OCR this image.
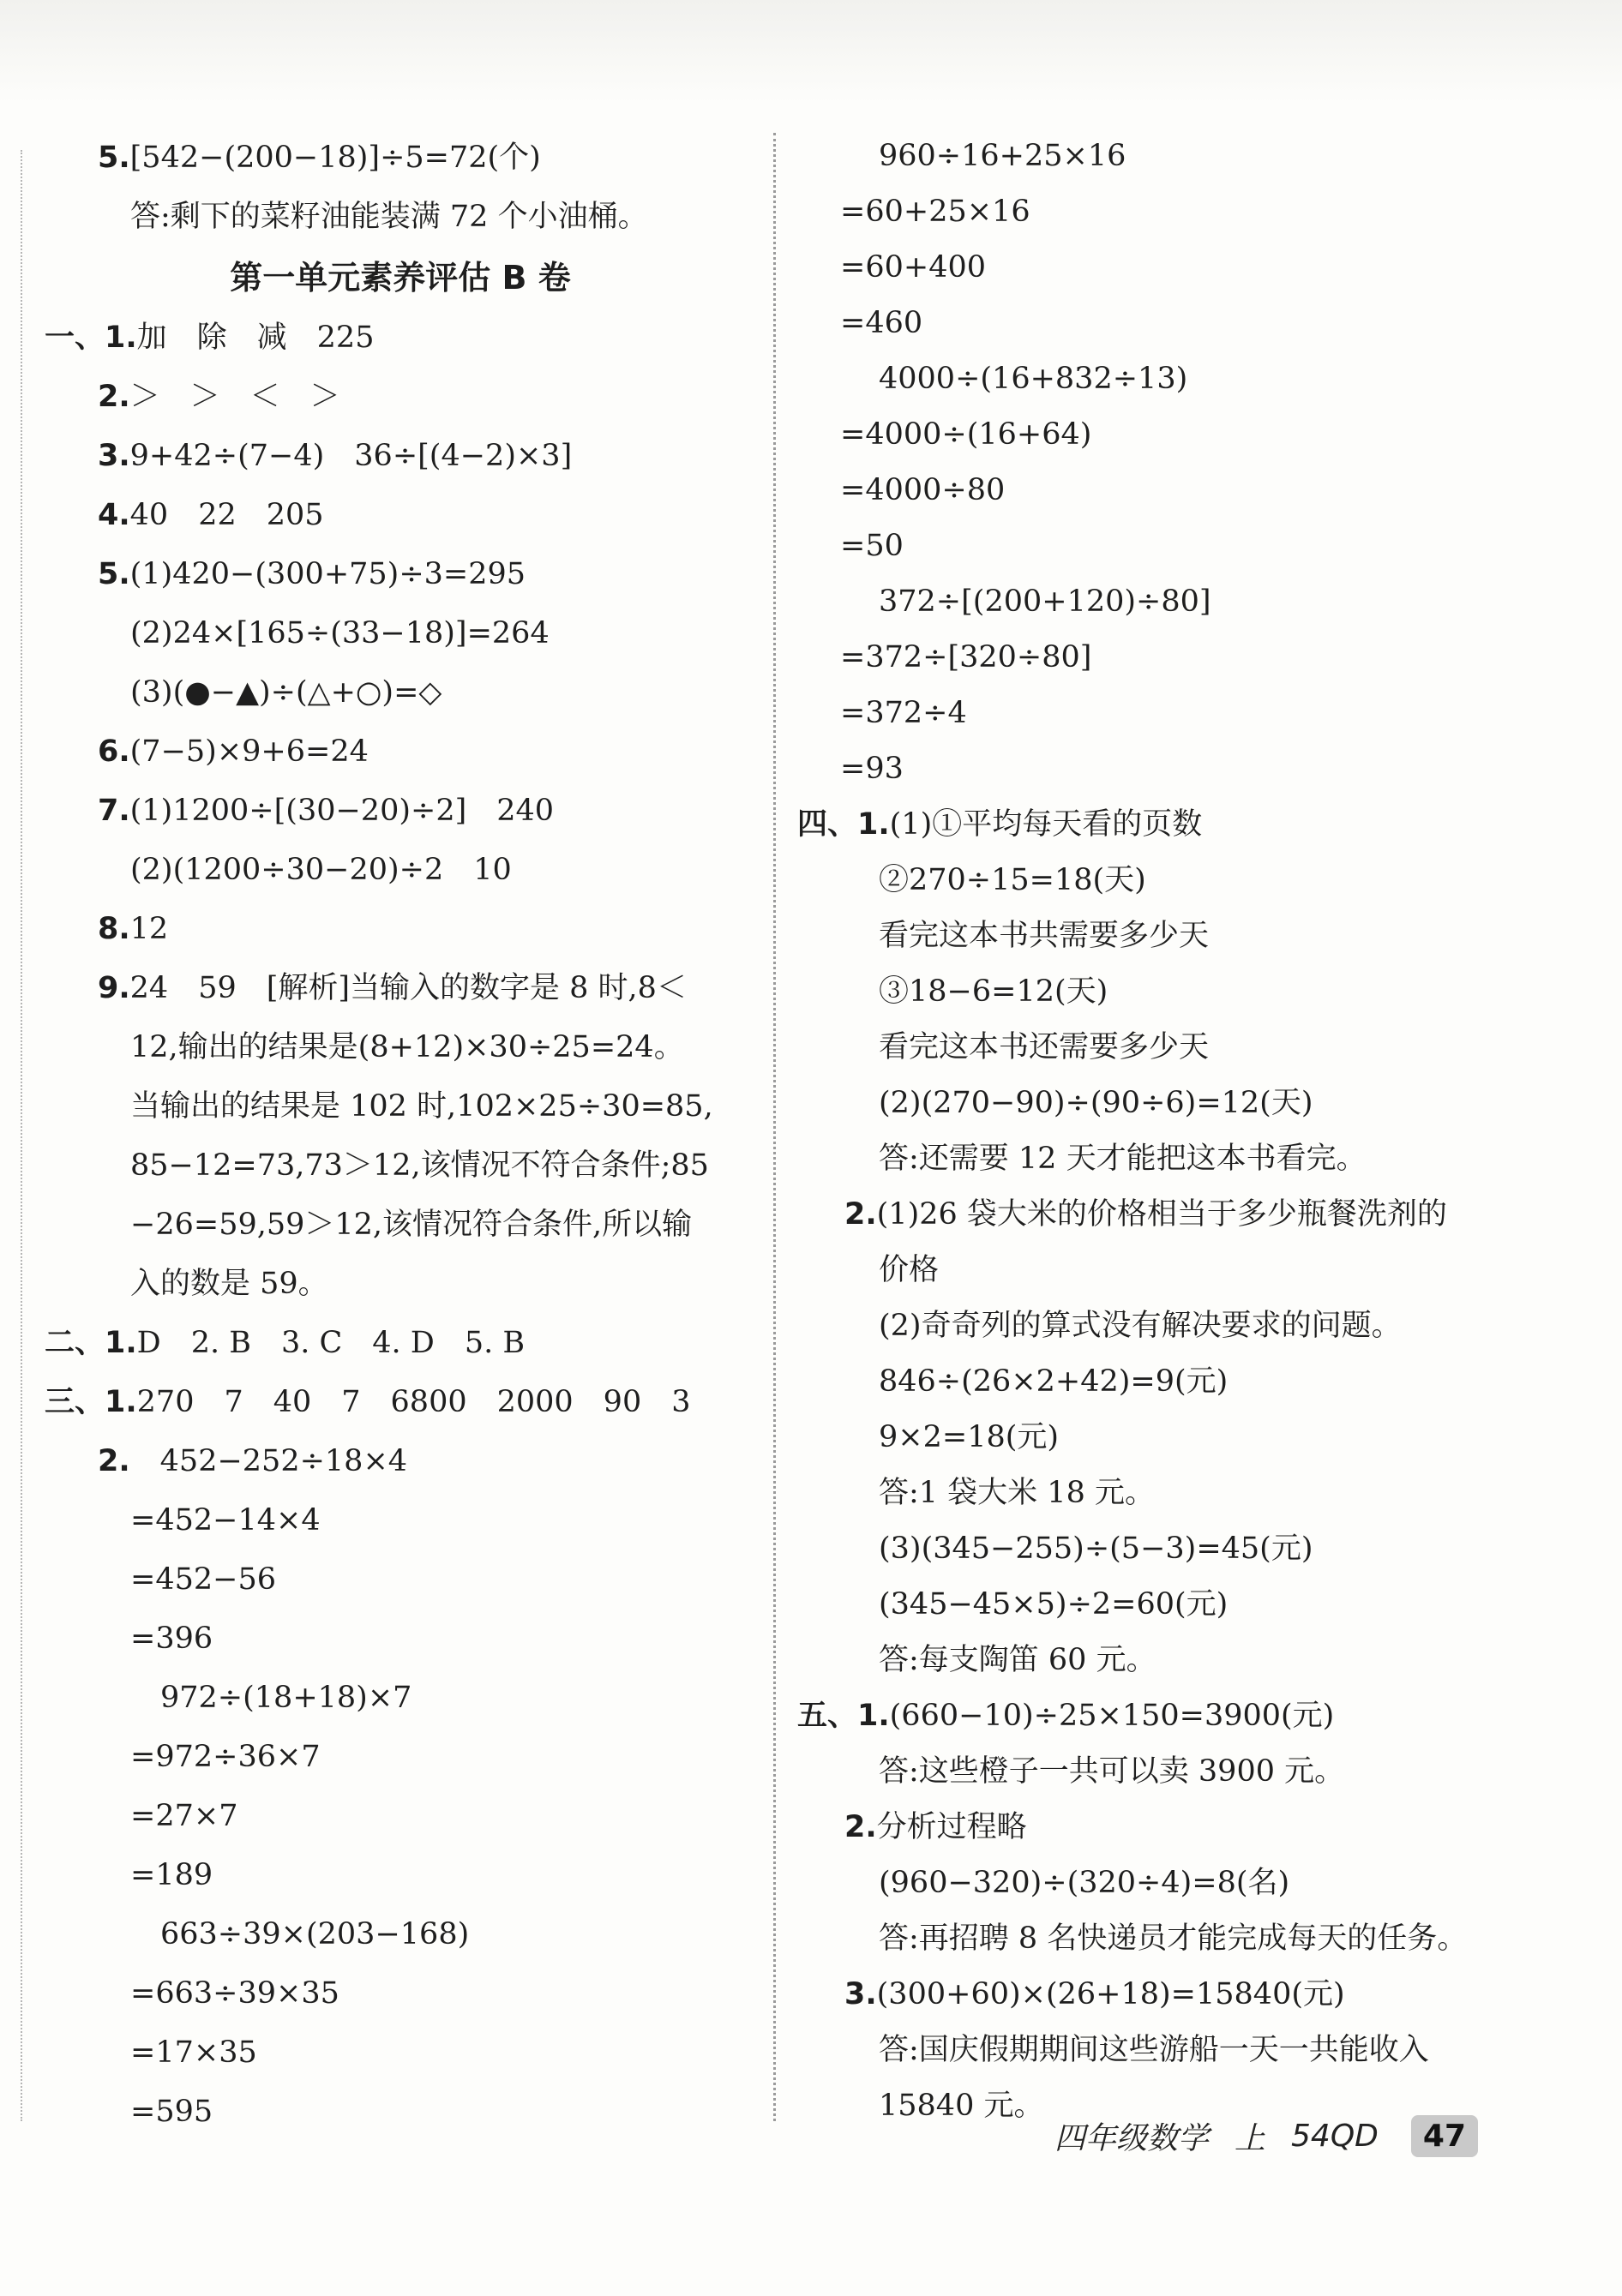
5.[542−(200−18)]÷5=72(个)
答:剩下的菜籽油能装满 72 个小油桶。
第一单元素养评估 B 卷
一、1.加　除　减　225
2.＞　＞　＜　＞
3.9+42÷(7−4)　36÷[(4−2)×3]
4.40　22　205
5.(1)420−(300+75)÷3=295
(2)24×[165÷(33−18)]=264
(3)(●−▲)÷(△+○)=◇
6.(7−5)×9+6=24
7.(1)1200÷[(30−20)÷2]　240
(2)(1200÷30−20)÷2　10
8.12
9.24　59　[解析]当输入的数字是 8 时,8＜
12,输出的结果是(8+12)×30÷25=24。
当输出的结果是 102 时,102×25÷30=85,
85−12=73,73＞12,该情况不符合条件;85
−26=59,59＞12,该情况符合条件,所以输
入的数是 59。
二、1.D　2. B　3. C　4. D　5. B
三、1.270　7　40　7　6800　2000　90　3
2.　452−252÷18×4
=452−14×4
=452−56
=396
972÷(18+18)×7
=972÷36×7
=27×7
=189
663÷39×(203−168)
=663÷39×35
=17×35
=595
960÷16+25×16
=60+25×16
=60+400
=460
4000÷(16+832÷13)
=4000÷(16+64)
=4000÷80
=50
372÷[(200+120)÷80]
=372÷[320÷80]
=372÷4
=93
四、1.(1)①平均每天看的页数
②270÷15=18(天)
看完这本书共需要多少天
③18−6=12(天)
看完这本书还需要多少天
(2)(270−90)÷(90÷6)=12(天)
答:还需要 12 天才能把这本书看完。
2.(1)26 袋大米的价格相当于多少瓶餐洗剂的
价格
(2)奇奇列的算式没有解决要求的问题。
846÷(26×2+42)=9(元)
9×2=18(元)
答:1 袋大米 18 元。
(3)(345−255)÷(5−3)=45(元)
(345−45×5)÷2=60(元)
答:每支陶笛 60 元。
五、1.(660−10)÷25×150=3900(元)
答:这些橙子一共可以卖 3900 元。
2.分析过程略
(960−320)÷(320÷4)=8(名)
答:再招聘 8 名快递员才能完成每天的任务。
3.(300+60)×(26+18)=15840(元)
答:国庆假期期间这些游船一天一共能收入
15840 元。
四年级数学 上 54QD	47
